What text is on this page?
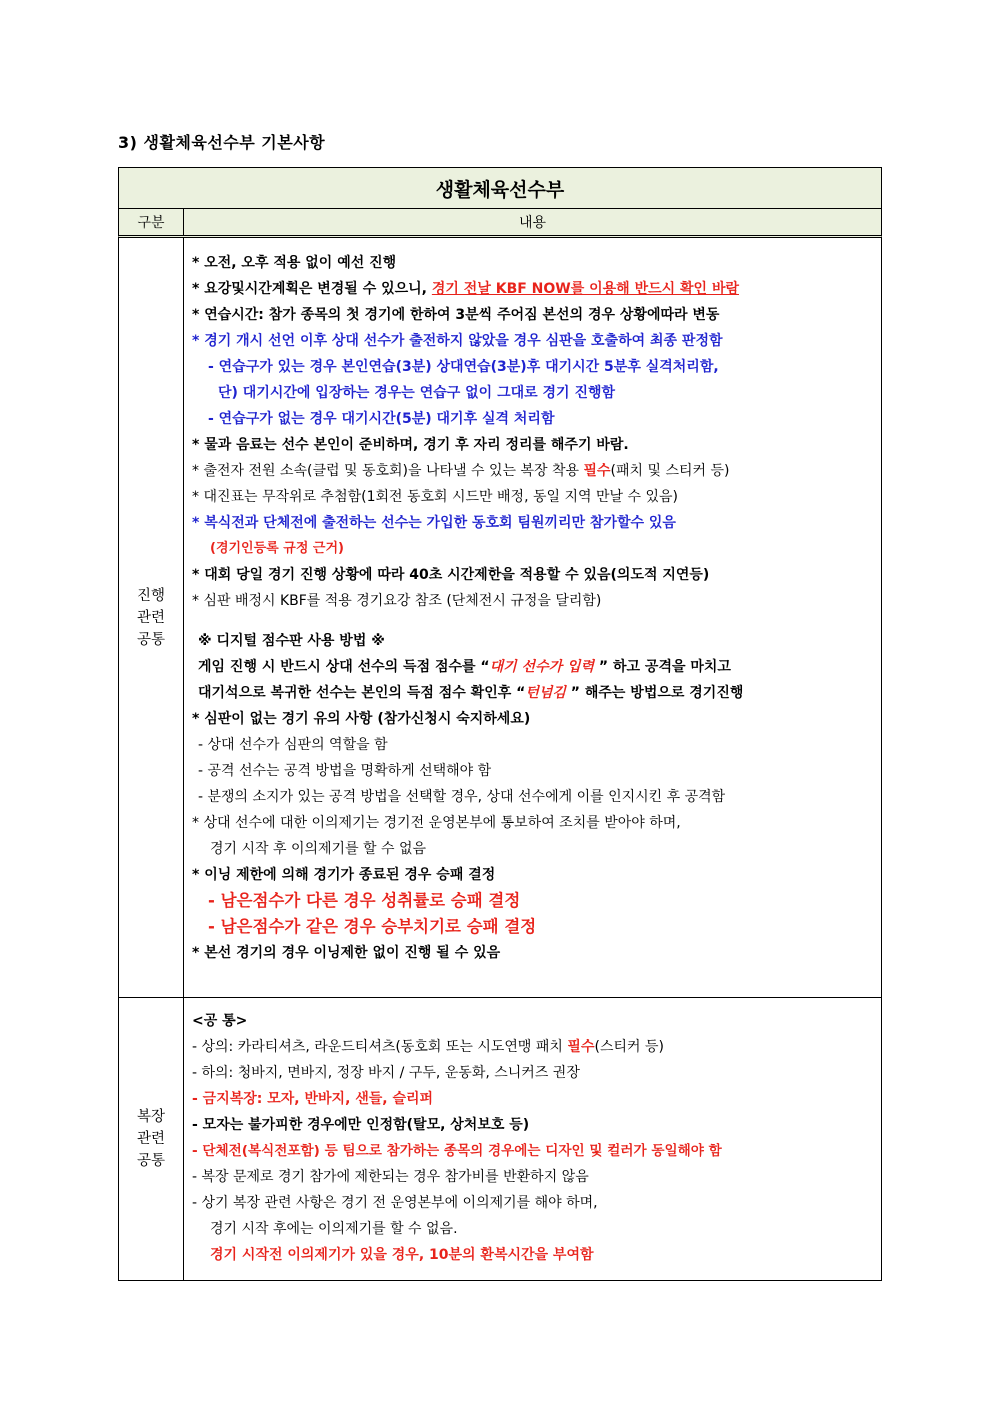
3) 생활체육선수부 기본사항
생활체육선수부
구분	내용
진행
관련
공통
* 오전, 오후 적용 없이 예선 진행
* 요강및시간계획은 변경될 수 있으니, 경기 전날 KBF NOW를 이용해 반드시 확인 바람
* 연습시간: 참가 종목의 첫 경기에 한하여 3분씩 주어짐 본선의 경우 상황에따라 변동
* 경기 개시 선언 이후 상대 선수가 출전하지 않았을 경우 심판을 호출하여 최종 판정함
- 연습구가 있는 경우 본인연습(3분) 상대연습(3분)후 대기시간 5분후 실격처리함,
단) 대기시간에 입장하는 경우는 연습구 없이 그대로 경기 진행함
- 연습구가 없는 경우 대기시간(5분) 대기후 실격 처리함
* 물과 음료는 선수 본인이 준비하며, 경기 후 자리 정리를 해주기 바람.
* 출전자 전원 소속(클럽 및 동호회)을 나타낼 수 있는 복장 착용 필수(패치 및 스티커 등)
* 대진표는 무작위로 추첨함(1회전 동호회 시드만 배정, 동일 지역 만날 수 있음)
* 복식전과 단체전에 출전하는 선수는 가입한 동호회 팀원끼리만 참가할수 있음
(경기인등록 규정 근거)
* 대회 당일 경기 진행 상황에 따라 40초 시간제한을 적용할 수 있음(의도적 지연등)
* 심판 배정시 KBF를 적용 경기요강 참조 (단체전시 규정을 달리함)
※ 디지털 점수판 사용 방법 ※
게임 진행 시 반드시 상대 선수의 득점 점수를 “대기 선수가 입력 ” 하고 공격을 마치고
대기석으로 복귀한 선수는 본인의 득점 점수 확인후 “턴넘김 ” 해주는 방법으로 경기진행
* 심판이 없는 경기 유의 사항 (참가신청시 숙지하세요)
- 상대 선수가 심판의 역할을 함
- 공격 선수는 공격 방법을 명확하게 선택해야 함
- 분쟁의 소지가 있는 공격 방법을 선택할 경우, 상대 선수에게 이를 인지시킨 후 공격함
* 상대 선수에 대한 이의제기는 경기전 운영본부에 통보하여 조치를 받아야 하며,
경기 시작 후 이의제기를 할 수 없음
* 이닝 제한에 의해 경기가 종료된 경우 승패 결정
- 남은점수가 다른 경우 성취률로 승패 결정
- 남은점수가 같은 경우 승부치기로 승패 결정
* 본선 경기의 경우 이닝제한 없이 진행 될 수 있음
복장
관련
공통
<공 통>
- 상의: 카라티셔츠, 라운드티셔츠(동호회 또는 시도연맹 패치 필수(스티커 등)
- 하의: 청바지, 면바지, 정장 바지 / 구두, 운동화, 스니커즈 권장
- 금지복장: 모자, 반바지, 샌들, 슬리퍼
- 모자는 불가피한 경우에만 인정함(탈모, 상처보호 등)
- 단체전(복식전포함) 등 팀으로 참가하는 종목의 경우에는 디자인 및 컬러가 동일해야 함
- 복장 문제로 경기 참가에 제한되는 경우 참가비를 반환하지 않음
- 상기 복장 관련 사항은 경기 전 운영본부에 이의제기를 해야 하며,
경기 시작 후에는 이의제기를 할 수 없음.
경기 시작전 이의제기가 있을 경우, 10분의 환복시간을 부여함
